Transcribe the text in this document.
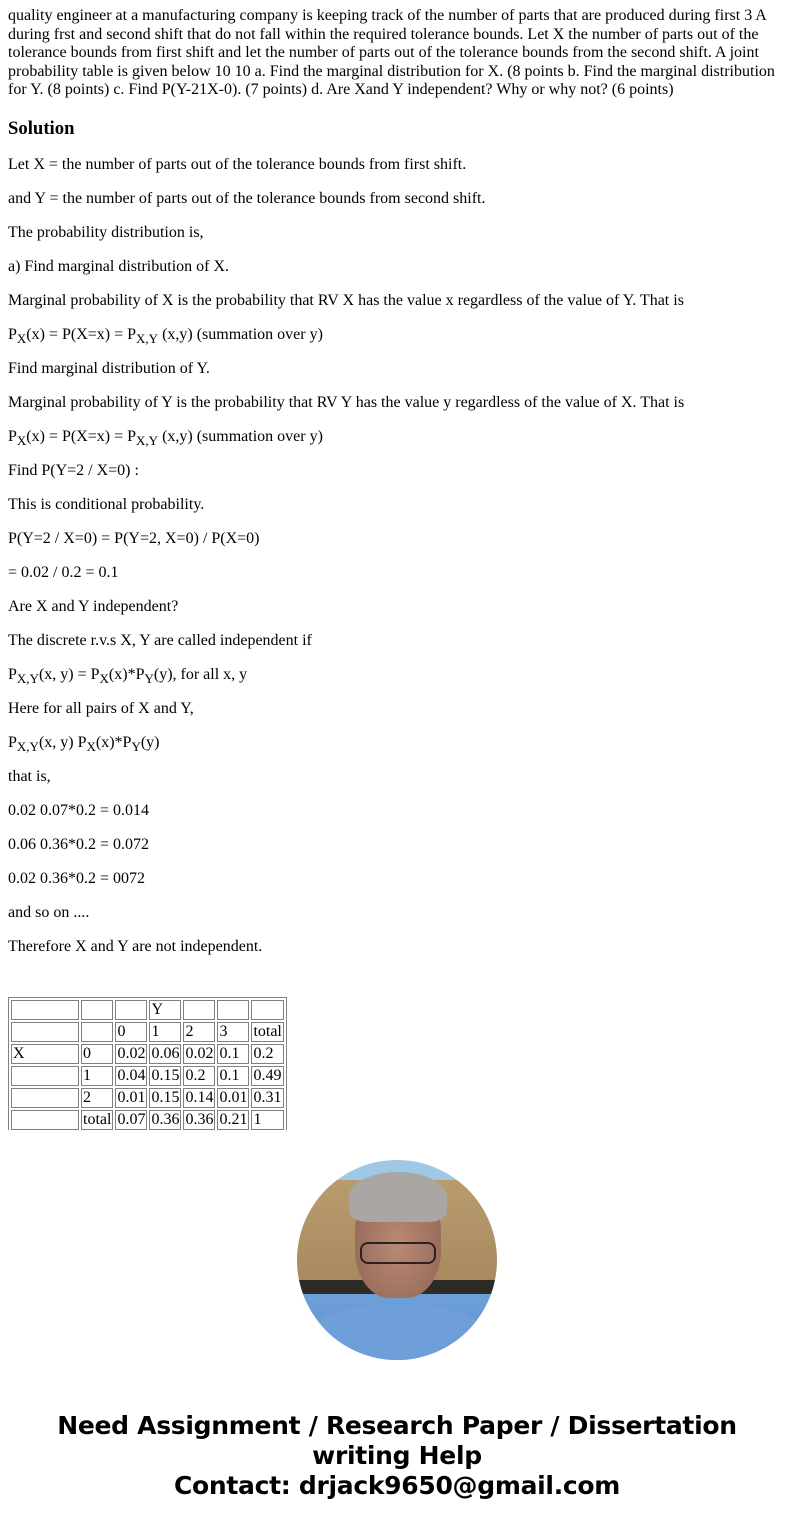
quality engineer at a manufacturing company is keeping track of the number of parts that are produced during first 3 A during frst and second shift that do not fall within the required tolerance bounds. Let X the number of parts out of the tolerance bounds from first shift and let the number of parts out of the tolerance bounds from the second shift. A joint probability table is given below 10 10 a. Find the marginal distribution for X. (8 points b. Find the marginal distribution for Y. (8 points) c. Find P(Y-21X-0). (7 points) d. Are Xand Y independent? Why or why not? (6 points)
Solution

Let X = the number of parts out of the tolerance bounds from first shift.

and Y = the number of parts out of the tolerance bounds from second shift.

The probability distribution is,

a) Find marginal distribution of X.

Marginal probability of X is the probability that RV X has the value x regardless of the value of Y. That is

$P_X(x) = P(X=x) = P_{X,Y}$ (x,y) (summation over y)

Find marginal distribution of Y.

Marginal probability of Y is the probability that RV Y has the value y regardless of the value of X. That is

$P_X(x) = P(X=x) = P_{X,Y}$ (x,y) (summation over y)

Find P(Y=2 / X=0) :

This is conditional probability.

P(Y=2 / X=0) = P(Y=2, X=0) / P(X=0)

= 0.02 / 0.2 = 0.1

Are X and Y independent?

The discrete r.v.s X, Y are called independent if

$P_{X,Y}(x$, $y) = P_X(x)*P_Y(y)$, for all x, y

Here for all pairs of X and Y,

$P_{X,Y}(x$, y) $P_X(x)*P_Y(y)$

that is,

0.02 0.07*0.2 = 0.014

0.06 0.36*0.2 = 0.072

0.02 0.36*0.2 = 0072

and so on ....

Therefore X and Y are not independent.

			Y			
		0	1	2	3	total
X	0	0.02	0.06	0.02	0.1	0.2
	1	0.04	0.15	0.2	0.1	0.49
	2	0.01	0.15	0.14	0.01	0.31
	total	0.07	0.36	0.36	0.21	1
Need Assignment / Research Paper / Dissertation
writing Help
Contact: drjack9650@gmail.com
